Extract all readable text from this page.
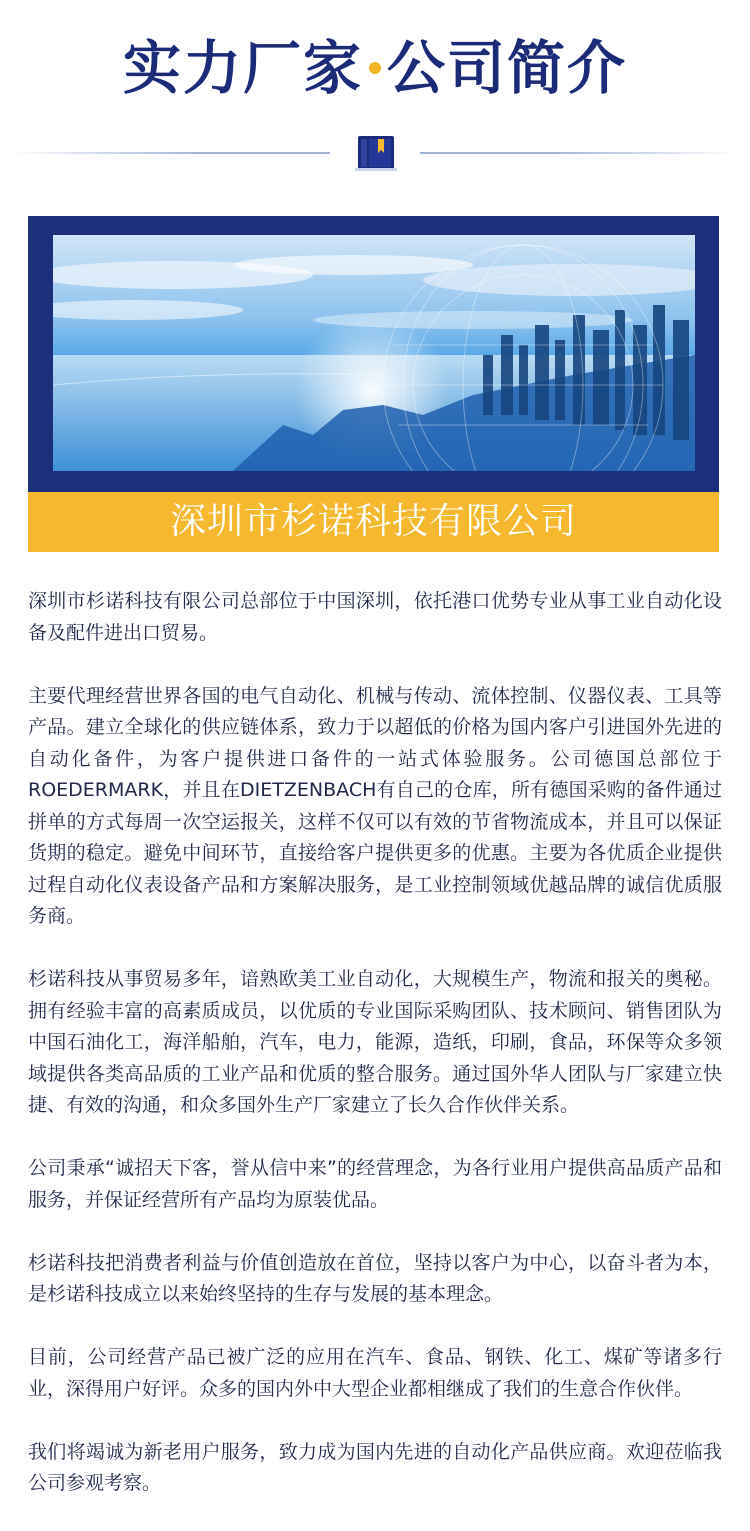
实力厂家 公司简介
深圳市杉诺科技有限公司

深圳市杉诺科技有限公司总部位于中国深圳，依托港口优势专业从事工业自动化设备及配件进出口贸易。

主要代理经营世界各国的电气自动化、机械与传动、流体控制、仪器仪表、工具等产品。建立全球化的供应链体系，致力于以超低的价格为国内客户引进国外先进的自动化备件，为客户提供进口备件的一站式体验服务。公司德国总部位于ROEDERMARK，并且在DIETZENBACH有自己的仓库，所有德国采购的备件通过拼单的方式每周一次空运报关，这样不仅可以有效的节省物流成本，并且可以保证货期的稳定。避免中间环节，直接给客户提供更多的优惠。主要为各优质企业提供过程自动化仪表设备产品和方案解决服务，是工业控制领域优越品牌的诚信优质服务商。

杉诺科技从事贸易多年，谙熟欧美工业自动化，大规模生产，物流和报关的奥秘。拥有经验丰富的高素质成员，以优质的专业国际采购团队、技术顾问、销售团队为中国石油化工，海洋船舶，汽车，电力，能源，造纸，印刷，食品，环保等众多领域提供各类高品质的工业产品和优质的整合服务。通过国外华人团队与厂家建立快捷、有效的沟通，和众多国外生产厂家建立了长久合作伙伴关系。

公司秉承“诚招天下客，誉从信中来”的经营理念，为各行业用户提供高品质产品和服务，并保证经营所有产品均为原装优品。

杉诺科技把消费者利益与价值创造放在首位，坚持以客户为中心，以奋斗者为本，是杉诺科技成立以来始终坚持的生存与发展的基本理念。

目前，公司经营产品已被广泛的应用在汽车、食品、钢铁、化工、煤矿等诸多行业，深得用户好评。众多的国内外中大型企业都相继成了我们的生意合作伙伴。

我们将竭诚为新老用户服务，致力成为国内先进的自动化产品供应商。欢迎莅临我公司参观考察。
